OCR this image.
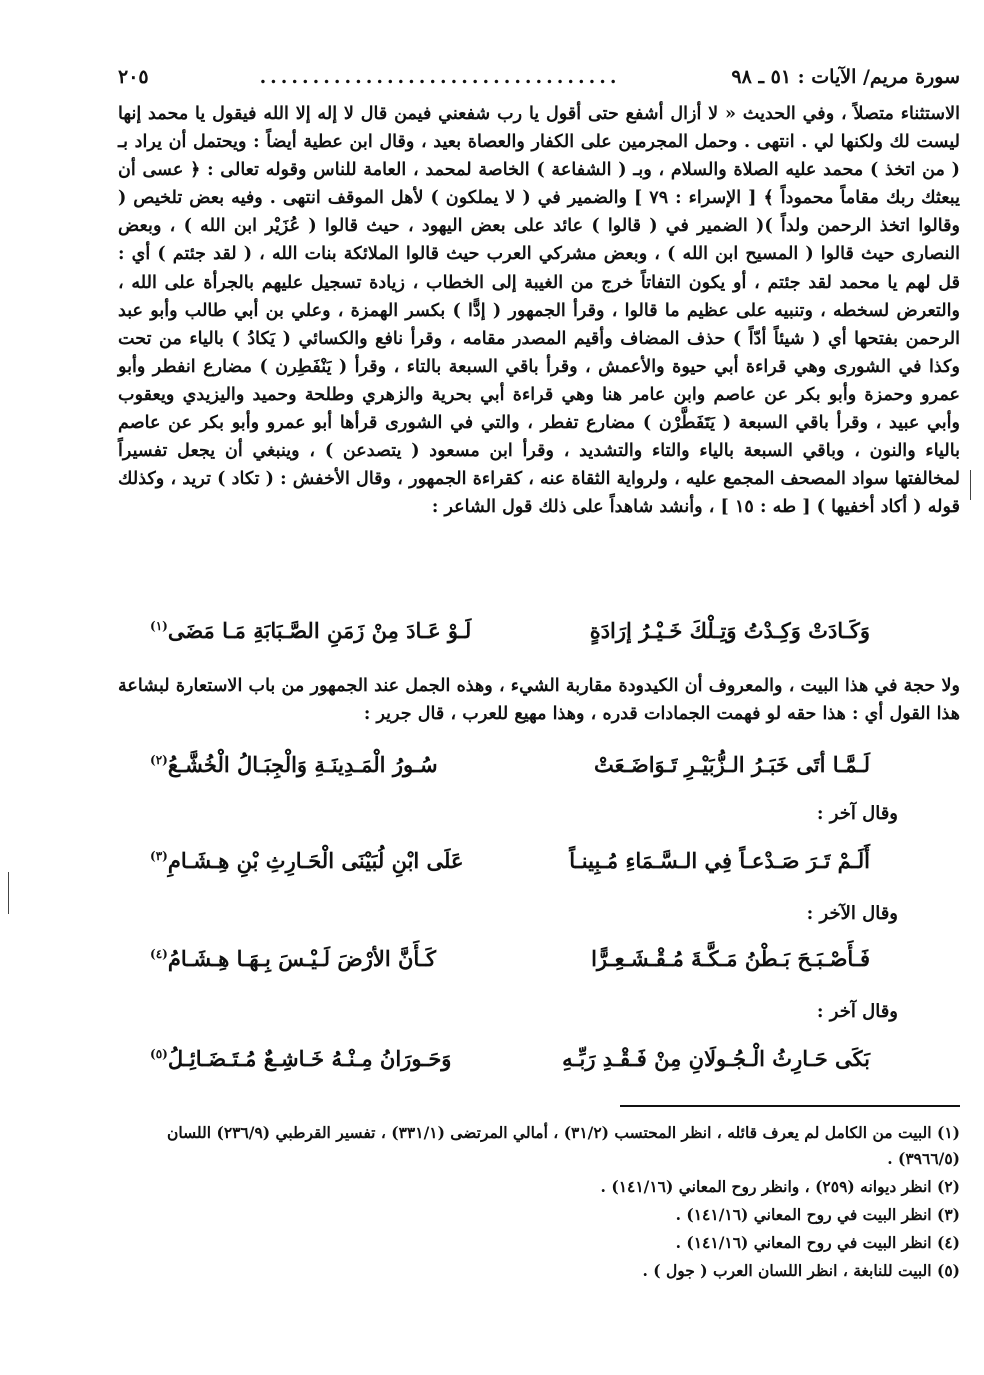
سورة مريم/ الآيات : ٥١ ـ ٩٨
..................................
٢٠٥

الاستثناء متصلاً ، وفي الحديث « لا أزال أشفع حتى أقول يا رب شفعني فيمن قال لا إله إلا الله فيقول يا محمد إنها ليست لك ولكنها لي . انتهى . وحمل المجرمين على الكفار والعصاة بعيد ، وقال ابن عطية أيضاً : ويحتمل أن يراد بـ ( من اتخذ ) محمد عليه الصلاة والسلام ، وبـ ( الشفاعة ) الخاصة لمحمد ، العامة للناس وقوله تعالى : ﴿ عسى أن يبعثك ربك مقاماً محموداً ﴾ [ الإسراء : ٧٩ ] والضمير في ( لا يملكون ) لأهل الموقف انتهى . وفيه بعض تلخيص ( وقالوا اتخذ الرحمن ولداً )( الضمير في ( قالوا ) عائد على بعض اليهود ، حيث قالوا ( عُزَيْر ابن الله ) ، وبعض النصارى حيث قالوا ( المسيح ابن الله ) ، وبعض مشركي العرب حيث قالوا الملائكة بنات الله ، ( لقد جئتم ) أي : قل لهم يا محمد لقد جئتم ، أو يكون التفاتاً خرج من الغيبة إلى الخطاب ، زيادة تسجيل عليهم بالجرأة على الله ، والتعرض لسخطه ، وتنبيه على عظيم ما قالوا ، وقرأ الجمهور ( إدًّا ) بكسر الهمزة ، وعلي بن أبي طالب وأبو عبد الرحمن بفتحها أي ( شيئاً أدّاً ) حذف المضاف وأقيم المصدر مقامه ، وقرأ نافع والكسائي ( يَكادُ ) بالياء من تحت وكذا في الشورى وهي قراءة أبي حيوة والأعمش ، وقرأ باقي السبعة بالتاء ، وقرأ ( يَنْفَطِرن ) مضارع انفطر وأبو عمرو وحمزة وأبو بكر عن عاصم وابن عامر هنا وهي قراءة أبي بحرية والزهري وطلحة وحميد واليزيدي ويعقوب وأبي عبيد ، وقرأ باقي السبعة ( يَتَفَطَّرْن ) مضارع تفطر ، والتي في الشورى قرأها أبو عمرو وأبو بكر عن عاصم بالياء والنون ، وباقي السبعة بالياء والتاء والتشديد ، وقرأ ابن مسعود ( يتصدعن ) ، وينبغي أن يجعل تفسيراً لمخالفتها سواد المصحف المجمع عليه ، ولرواية الثقاة عنه ، كقراءة الجمهور ، وقال الأخفش : ( تكاد ) تريد ، وكذلك قوله ( أكاد أخفيها ) [ طه : ١٥ ] ، وأنشد شاهداً على ذلك قول الشاعر :

وَكَـادَتْ وَكِـدْتُ وَتِـلْكَ خَـيْـرُ إرَادَةٍ
لَـوْ عَـادَ مِنْ زَمَنِ الصَّـبَابَةِ مَـا مَضَى$^{(١)}$

ولا حجة في هذا البيت ، والمعروف أن الكيدودة مقاربة الشيء ، وهذه الجمل عند الجمهور من باب الاستعارة لبشاعة هذا القول أي : هذا حقه لو فهمت الجمادات قدره ، وهذا مهيع للعرب ، قال جرير :

لَـمَّـا أتَى خَبَـرُ الـزُّبَيْـرِ تَـوَاضَـعَتْ
سُـورُ الْمَـدِينَـةِ وَالْجِبَـالُ الْخُشَّـعُ$^{(٢)}$
وقال آخر :
أَلَـمْ تَـرَ صَـدْعـاً فِي الـسَّـمَاءِ مُـبِينـاً
عَلَى ابْنِ لُبَيْنَى الْحَـارِثِ بْنِ هِـشَـامِ$^{(٣)}$
وقال الآخر :
فَـأَصْـبَـحَ بَـطْنُ مَـكَّـةَ مُـقْـشَـعِـرًّا
كَـأَنَّ الأرْضَ لَـيْـسَ بِـهَـا هِـشَـامُ$^{(٤)}$
وقال آخر :
بَكَى حَـارِثُ الْـجُـولَانِ مِنْ فَـقْـدِ رَبِّـهِ
وَحَـورَانُ مِـنْـهُ خَـاشِـعٌ مُـتَـضَـائِـلُ$^{(٥)}$
(١) البيت من الكامل لم يعرف قائله ، انظر المحتسب (٣١/٢) ، أمالي المرتضى (٣٣١/١) ، تفسير القرطبي (٢٣٦/٩) اللسان (٣٩٦٦/٥) .
(٢) انظر ديوانه (٢٥٩) ، وانظر روح المعاني (١٤١/١٦) .
(٣) انظر البيت في روح المعاني (١٤١/١٦) .
(٤) انظر البيت في روح المعاني (١٤١/١٦) .
(٥) البيت للنابغة ، انظر اللسان العرب ( جول ) .
